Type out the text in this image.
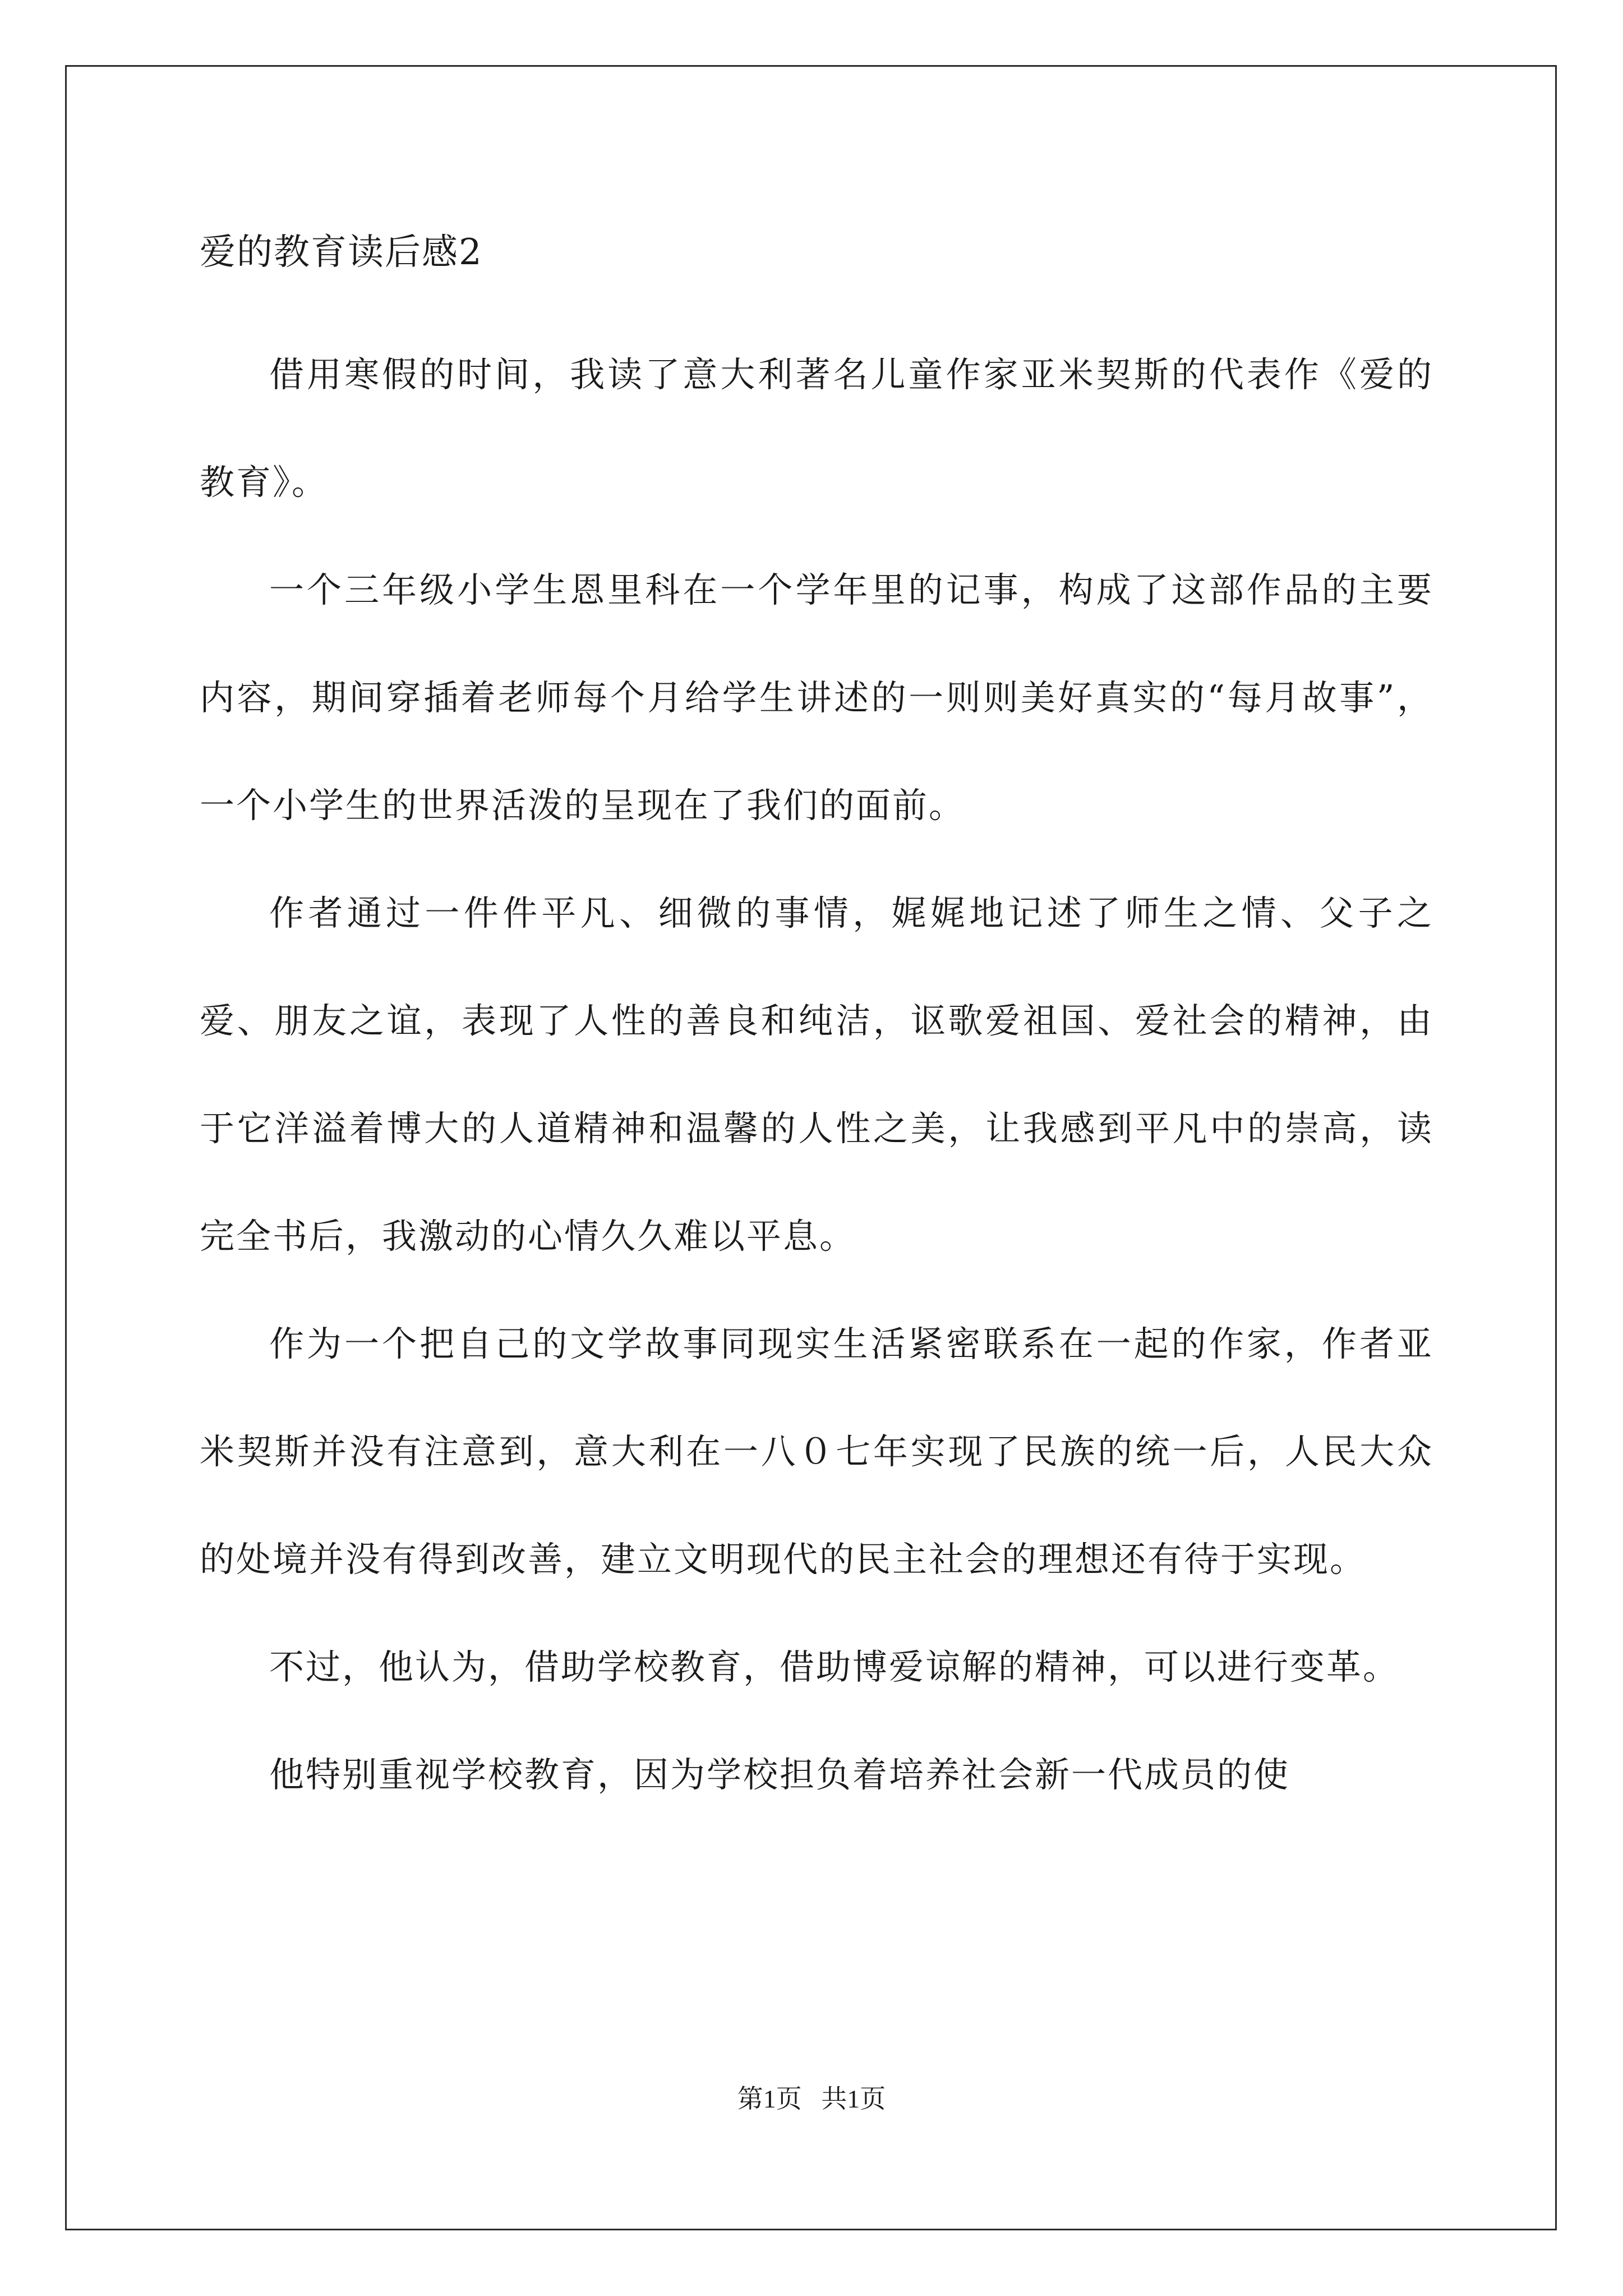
爱的教育读后感2

借用寒假的时间，我读了意大利著名儿童作家亚米契斯的代表作《爱的教育》。

一个三年级小学生恩里科在一个学年里的记事，构成了这部作品的主要内容，期间穿插着老师每个月给学生讲述的一则则美好真实的“每月故事”，一个小学生的世界活泼的呈现在了我们的面前。

作者通过一件件平凡、细微的事情，娓娓地记述了师生之情、父子之爱、朋友之谊，表现了人性的善良和纯洁，讴歌爱祖国、爱社会的精神，由于它洋溢着博大的人道精神和温馨的人性之美，让我感到平凡中的崇高，读完全书后，我激动的心情久久难以平息。

作为一个把自己的文学故事同现实生活紧密联系在一起的作家，作者亚米契斯并没有注意到，意大利在一八０七年实现了民族的统一后，人民大众的处境并没有得到改善，建立文明现代的民主社会的理想还有待于实现。

不过，他认为，借助学校教育，借助博爱谅解的精神，可以进行变革。

他特别重视学校教育，因为学校担负着培养社会新一代成员的使

第1页   共1页
